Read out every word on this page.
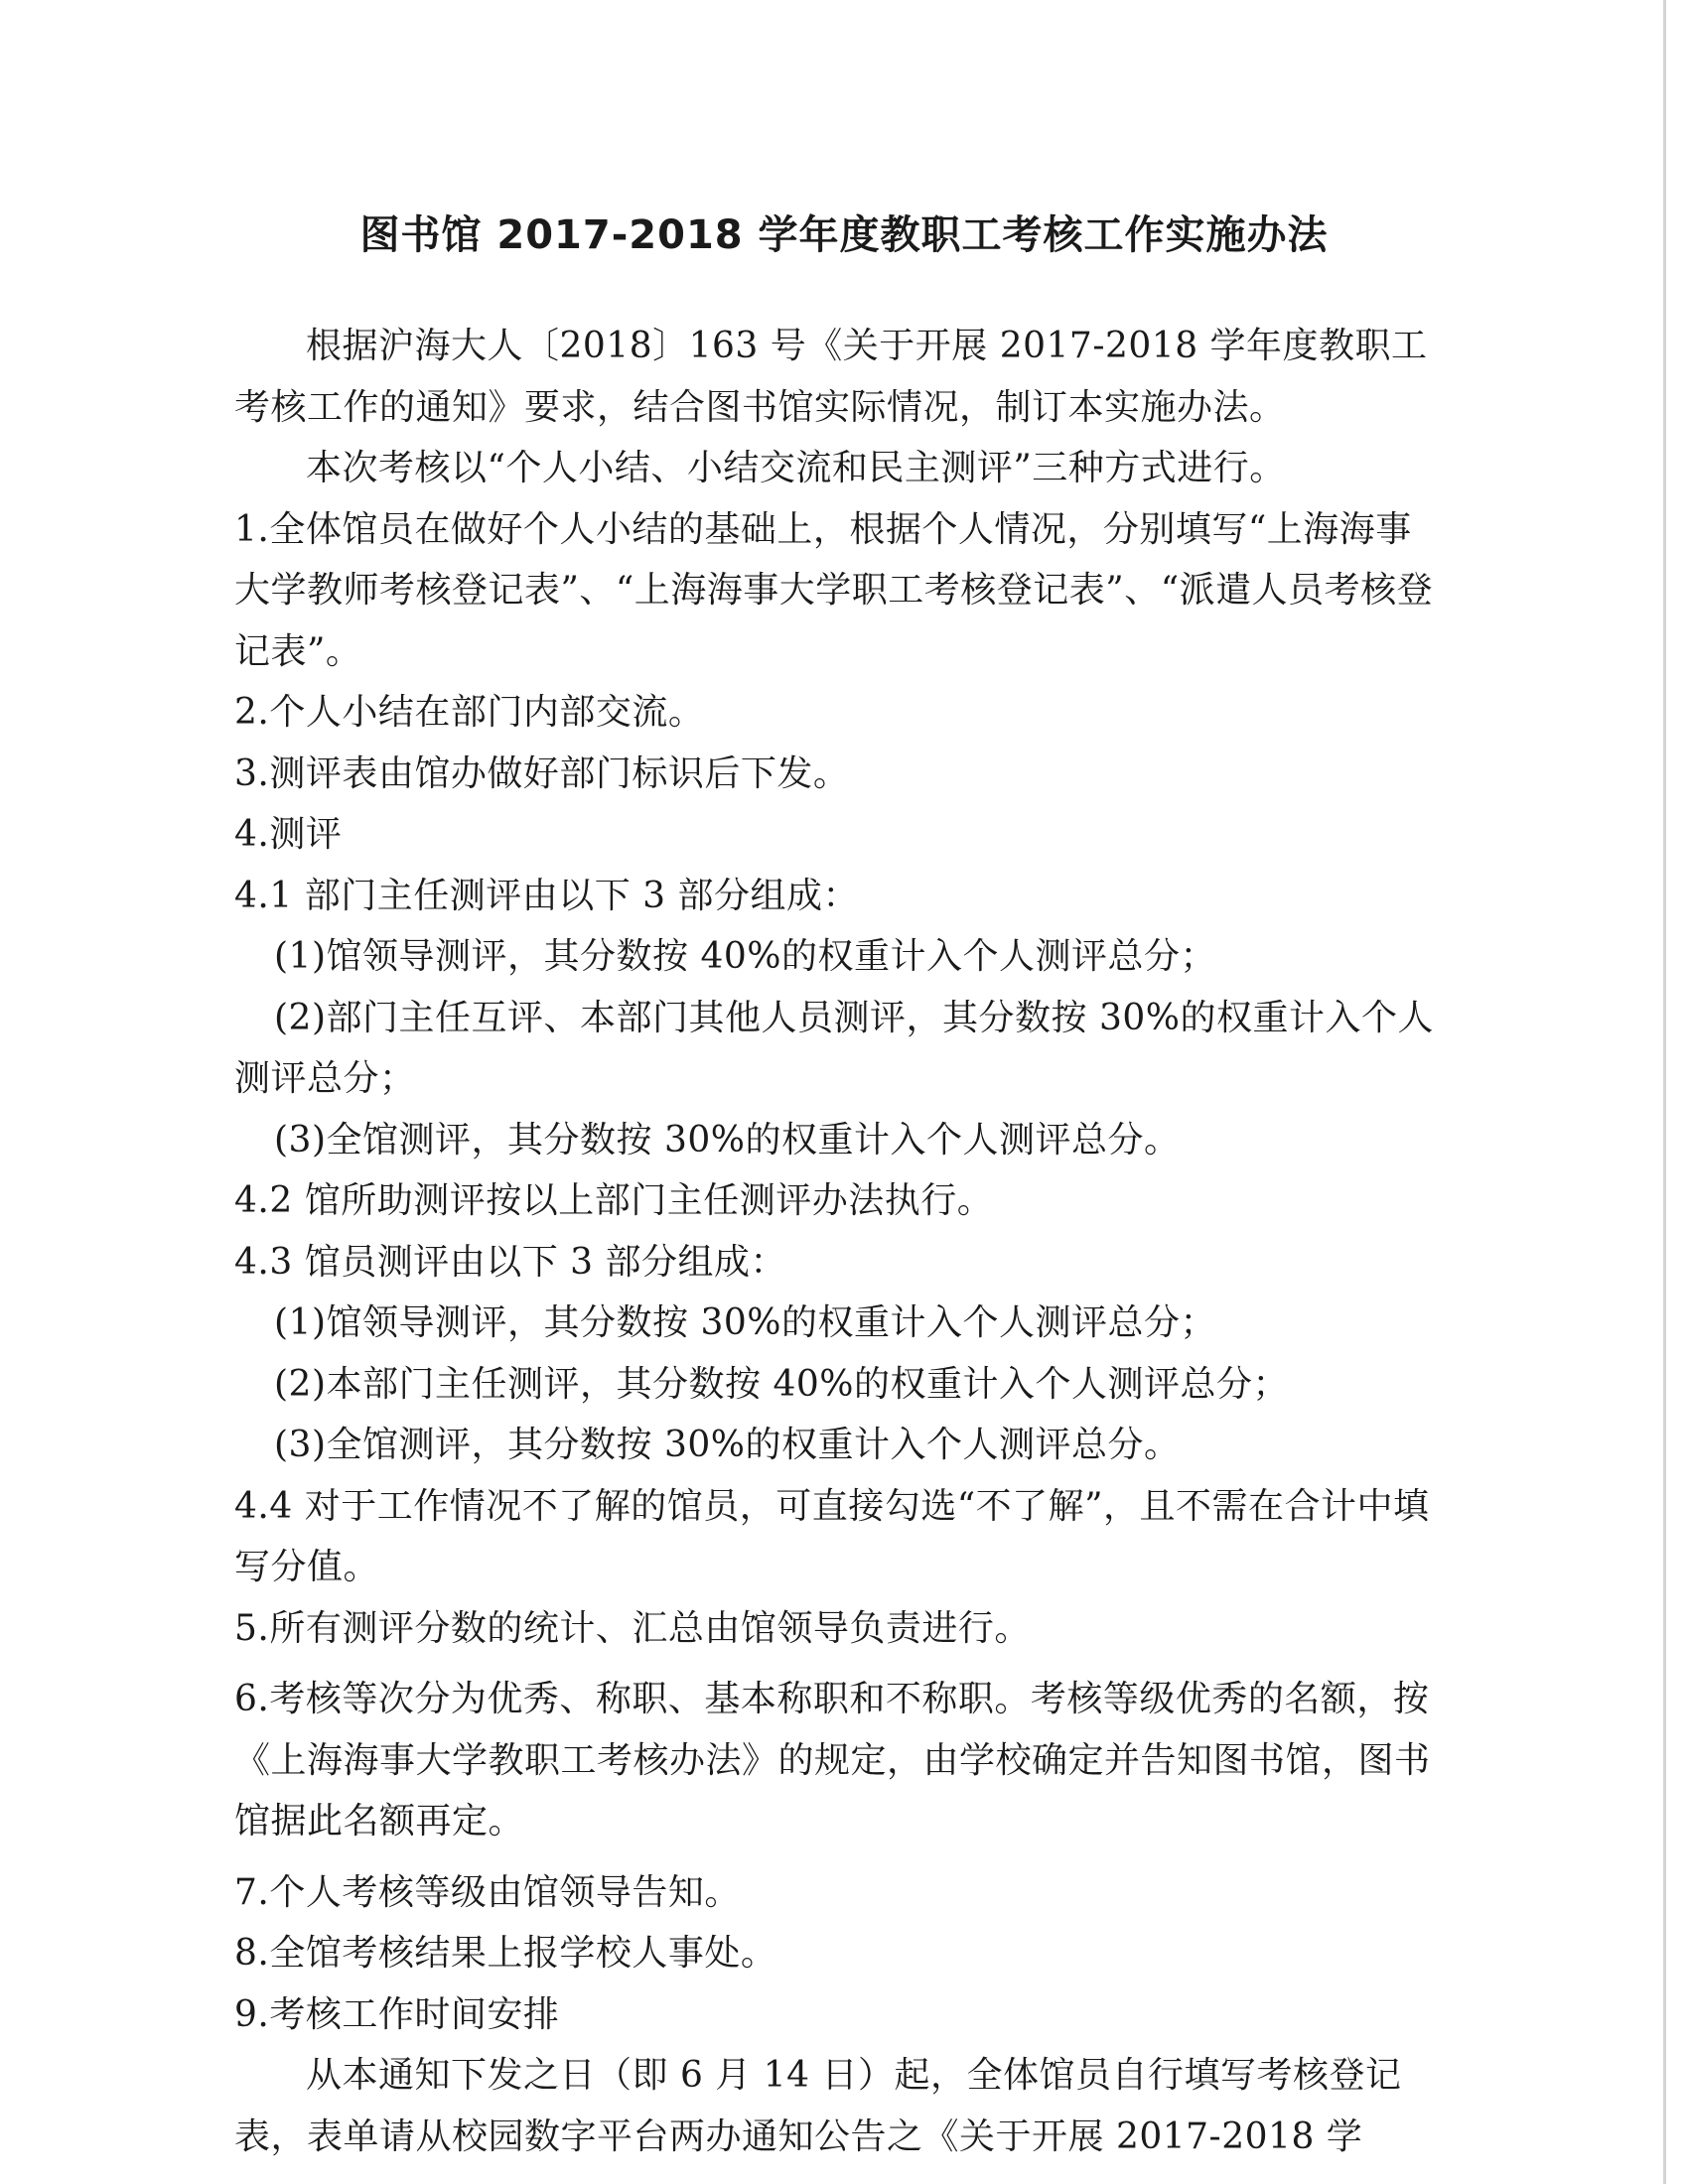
图书馆 2017-2018 学年度教职工考核工作实施办法

根据沪海大人〔2018〕163 号《关于开展 2017-2018 学年度教职工考核工作的通知》要求，结合图书馆实际情况，制订本实施办法。

本次考核以“个人小结、小结交流和民主测评”三种方式进行。

1.全体馆员在做好个人小结的基础上，根据个人情况，分别填写“上海海事大学教师考核登记表”、“上海海事大学职工考核登记表”、“派遣人员考核登记表”。

2.个人小结在部门内部交流。

3.测评表由馆办做好部门标识后下发。

4.测评

4.1 部门主任测评由以下 3 部分组成：

(1)馆领导测评，其分数按 40%的权重计入个人测评总分；

(2)部门主任互评、本部门其他人员测评，其分数按 30%的权重计入个人测评总分；

(3)全馆测评，其分数按 30%的权重计入个人测评总分。

4.2 馆所助测评按以上部门主任测评办法执行。

4.3 馆员测评由以下 3 部分组成：

(1)馆领导测评，其分数按 30%的权重计入个人测评总分；

(2)本部门主任测评，其分数按 40%的权重计入个人测评总分；

(3)全馆测评，其分数按 30%的权重计入个人测评总分。

4.4 对于工作情况不了解的馆员，可直接勾选“不了解”，且不需在合计中填写分值。

5.所有测评分数的统计、汇总由馆领导负责进行。

6.考核等次分为优秀、称职、基本称职和不称职。考核等级优秀的名额，按《上海海事大学教职工考核办法》的规定，由学校确定并告知图书馆，图书馆据此名额再定。

7.个人考核等级由馆领导告知。

8.全馆考核结果上报学校人事处。

9.考核工作时间安排

从本通知下发之日（即 6 月 14 日）起，全体馆员自行填写考核登记表，表单请从校园数字平台两办通知公告之《关于开展 2017-2018 学
